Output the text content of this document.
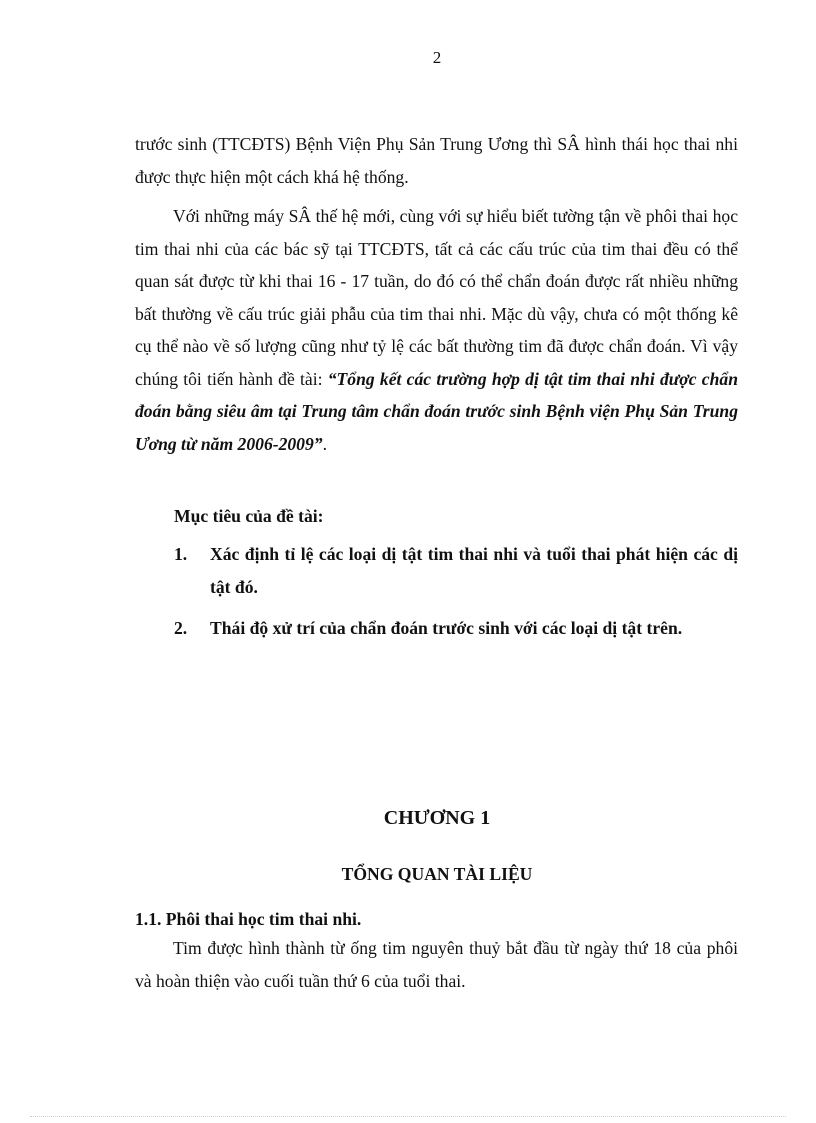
2

trước sinh (TTCĐTS) Bệnh Viện Phụ Sản Trung Ương thì SÂ hình thái học thai nhi được thực hiện một cách khá hệ thống.

Với những máy SÂ thế hệ mới, cùng với sự hiểu biết tường tận về phôi thai học tim thai nhi của các bác sỹ tại TTCĐTS, tất cả các cấu trúc của tim thai đều có thể quan sát được từ khi thai 16 - 17 tuần, do đó có thể chẩn đoán được rất nhiều những bất thường về cấu trúc giải phẫu của tim thai nhi. Mặc dù vậy, chưa có một thống kê cụ thể nào về số lượng cũng như tỷ lệ các bất thường tim đã được chẩn đoán. Vì vậy chúng tôi tiến hành đề tài: “Tổng kết các trường hợp dị tật tim thai nhi được chẩn đoán bằng siêu âm tại Trung tâm chẩn đoán trước sinh Bệnh viện Phụ Sản Trung Ương từ năm 2006-2009”.

Mục tiêu của đề tài:
1. Xác định tỉ lệ các loại dị tật tim thai nhi và tuổi thai phát hiện các dị tật đó.
2. Thái độ xử trí của chẩn đoán trước sinh với các loại dị tật trên.
CHƯƠNG 1
TỔNG QUAN TÀI LIỆU
1.1. Phôi thai học tim thai nhi.

Tim được hình thành từ ống tim nguyên thuỷ bắt đầu từ ngày thứ 18 của phôi và hoàn thiện vào cuối tuần thứ 6 của tuổi thai.
